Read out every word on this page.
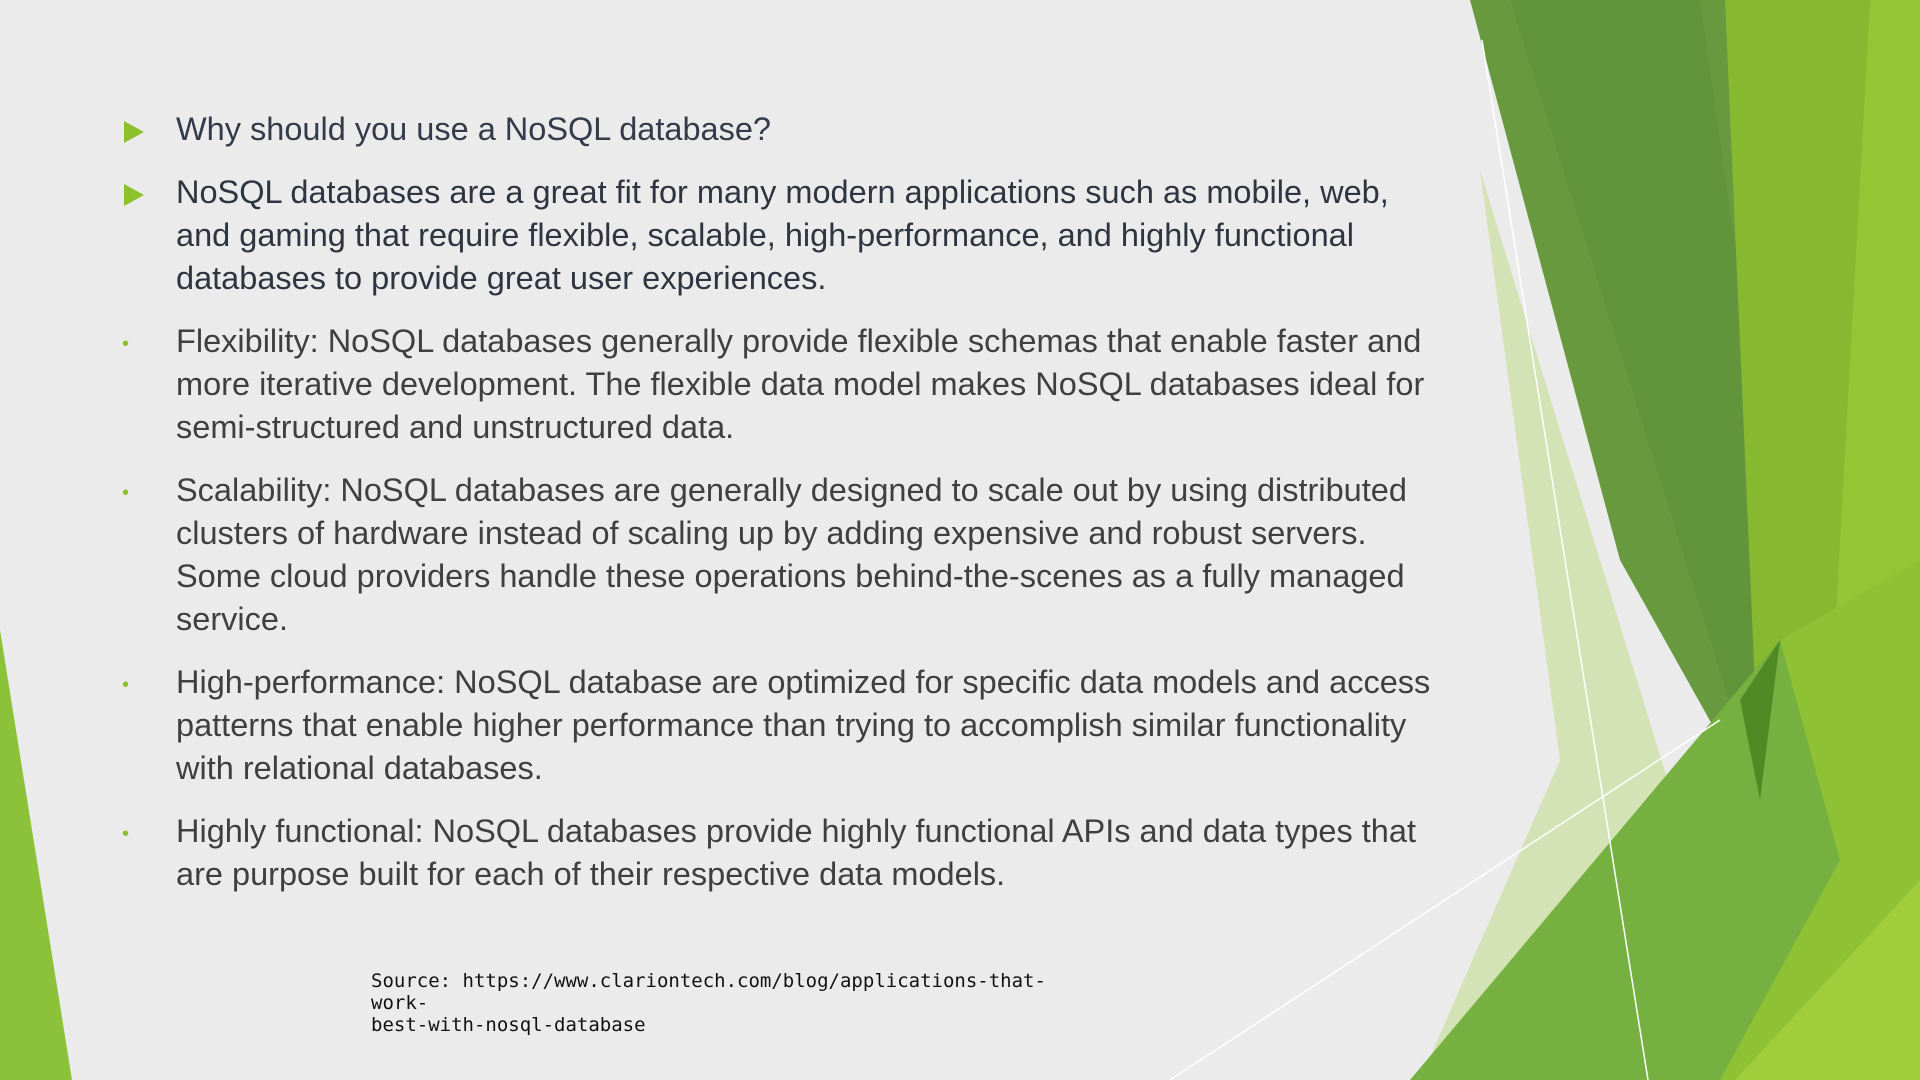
Why should you use a NoSQL database?
NoSQL databases are a great fit for many modern applications such as mobile, web, and gaming that require flexible, scalable, high-performance, and highly functional databases to provide great user experiences.
• Flexibility: NoSQL databases generally provide flexible schemas that enable faster and more iterative development. The flexible data model makes NoSQL databases ideal for semi-structured and unstructured data.
• Scalability: NoSQL databases are generally designed to scale out by using distributed clusters of hardware instead of scaling up by adding expensive and robust servers. Some cloud providers handle these operations behind-the-scenes as a fully managed service.
• High-performance: NoSQL database are optimized for specific data models and access patterns that enable higher performance than trying to accomplish similar functionality with relational databases.
• Highly functional: NoSQL databases provide highly functional APIs and data types that are purpose built for each of their respective data models.
Source: https://www.clariontech.com/blog/applications-that-work-
best-with-nosql-database
